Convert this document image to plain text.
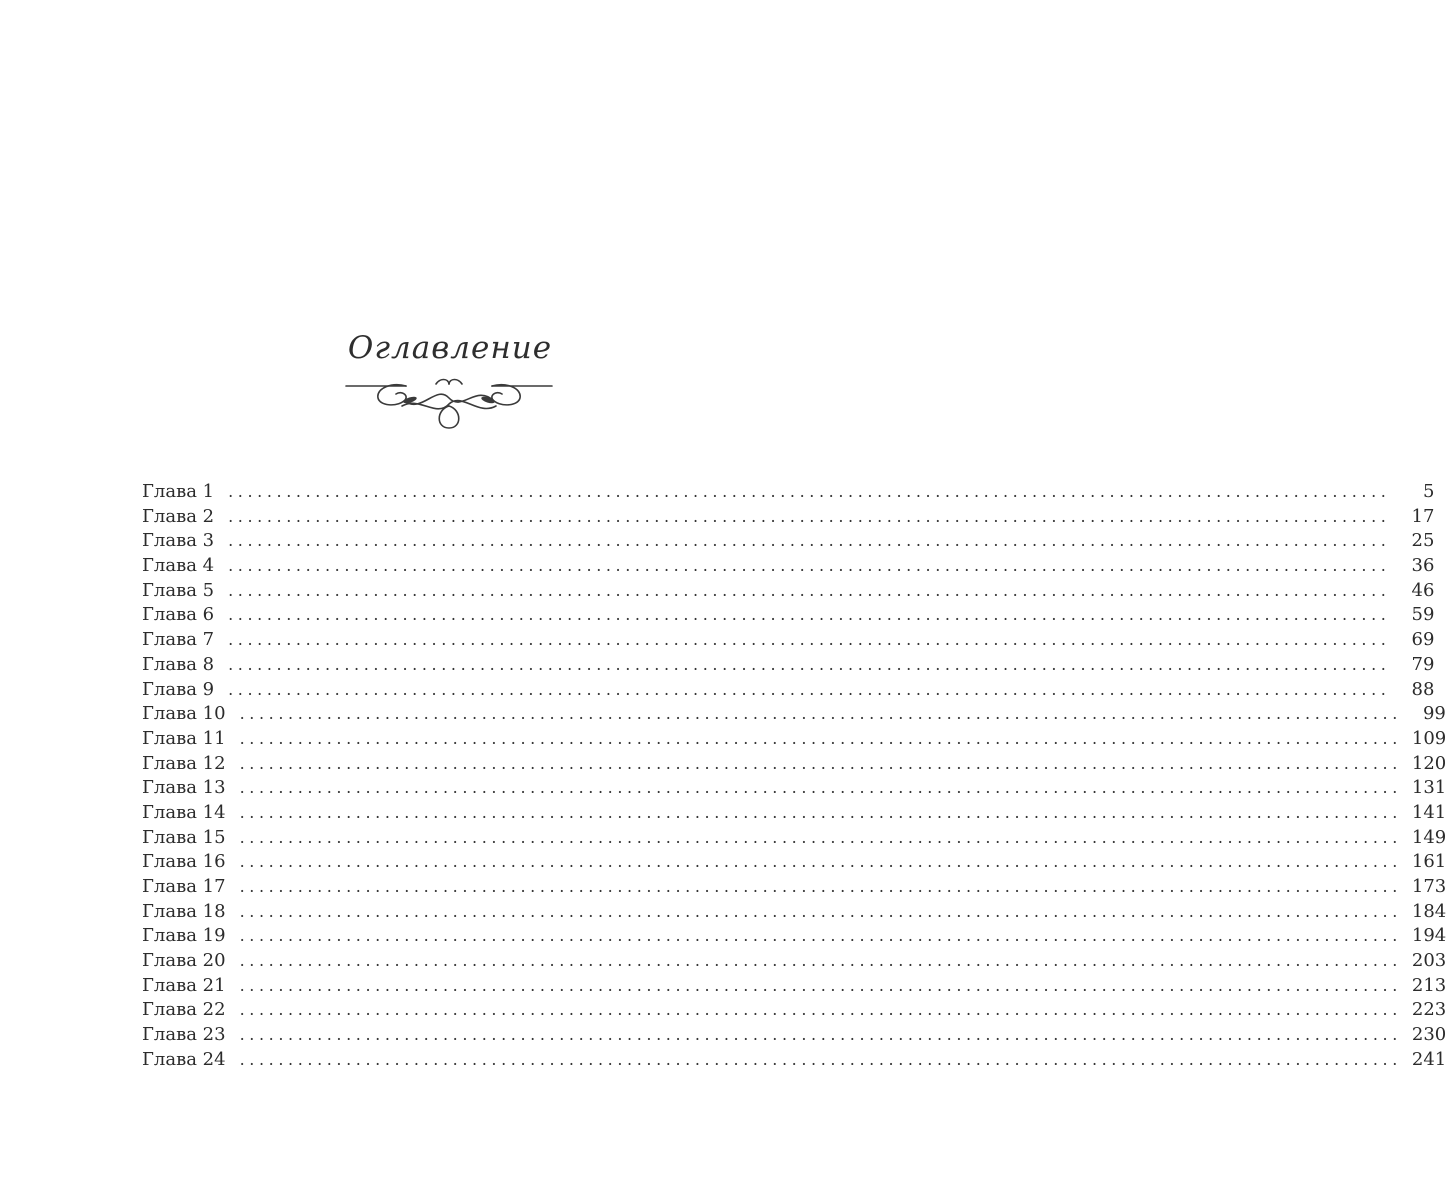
Оглавление
Глава 1 ........................................................................................................................	5
Глава 2 ........................................................................................................................	17
Глава 3 ........................................................................................................................	25
Глава 4 ........................................................................................................................	36
Глава 5 ........................................................................................................................	46
Глава 6 ........................................................................................................................	59
Глава 7 ........................................................................................................................	69
Глава 8 ........................................................................................................................	79
Глава 9 ........................................................................................................................	88
Глава 10 ........................................................................................................................	99
Глава 11 ........................................................................................................................ 109
Глава 12 ........................................................................................................................ 120
Глава 13 ........................................................................................................................ 131
Глава 14 ........................................................................................................................ 141
Глава 15 ........................................................................................................................ 149
Глава 16 ........................................................................................................................ 161
Глава 17 ........................................................................................................................ 173
Глава 18 ........................................................................................................................ 184
Глава 19 ........................................................................................................................ 194
Глава 20 ........................................................................................................................ 203
Глава 21 ........................................................................................................................ 213
Глава 22 ........................................................................................................................ 223
Глава 23 ........................................................................................................................ 230
Глава 24 ........................................................................................................................ 241
